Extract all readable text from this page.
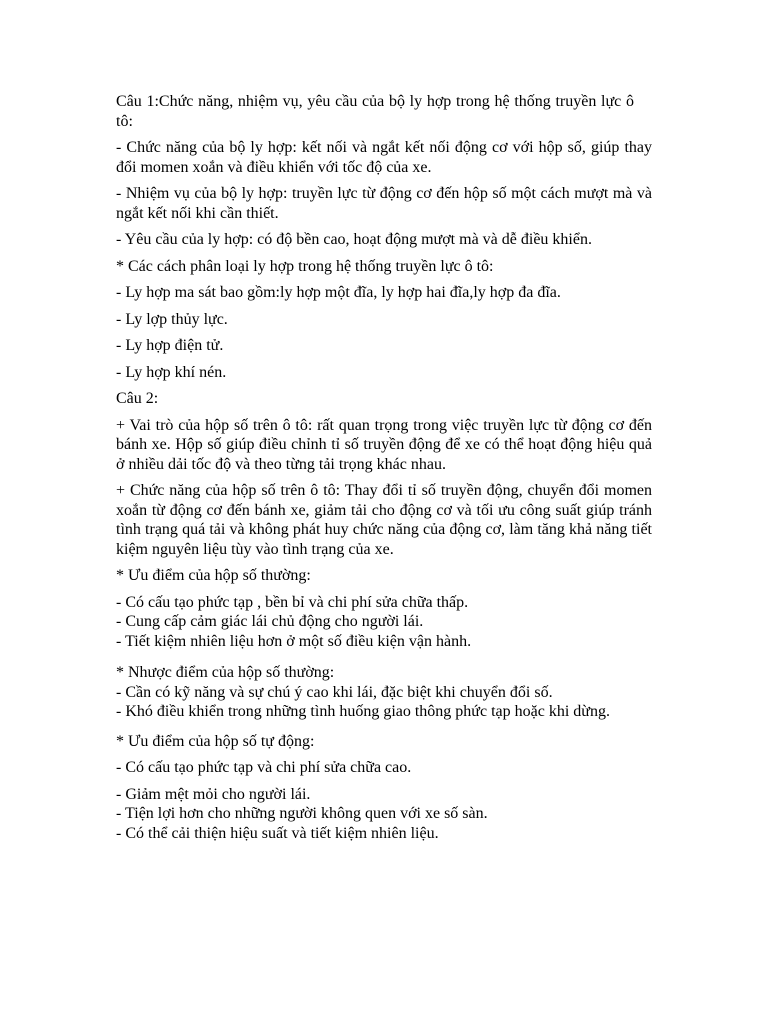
Câu 1:Chức năng, nhiệm vụ, yêu cầu của bộ ly hợp trong hệ thống truyền lực ô tô:

- Chức năng của bộ ly hợp: kết nối và ngắt kết nối động cơ với hộp số, giúp thay đổi momen xoắn và điều khiển với tốc độ của xe.

- Nhiệm vụ của bộ ly hợp: truyền lực từ động cơ đến hộp số một cách mượt mà và ngắt kết nối khi cần thiết.

- Yêu cầu của ly hợp: có độ bền cao, hoạt động mượt mà và dễ điều khiển.

* Các cách phân loại ly hợp trong hệ thống truyền lực ô tô:

- Ly hợp ma sát bao gồm:ly hợp một đĩa, ly hợp hai đĩa,ly hợp đa đĩa.

- Ly lợp thủy lực.

- Ly hợp điện tử.

- Ly hợp khí nén.

Câu 2:

+ Vai trò của hộp số trên ô tô: rất quan trọng trong việc truyền lực từ động cơ đến bánh xe. Hộp số giúp điều chỉnh tỉ số truyền động để xe có thể hoạt động hiệu quả ở nhiều dải tốc độ và theo từng tải trọng khác nhau.

+ Chức năng của hộp số trên ô tô: Thay đổi tỉ số truyền động, chuyển đổi momen xoắn từ động cơ đến bánh xe, giảm tải cho động cơ và tối ưu công suất giúp tránh tình trạng quá tải và không phát huy chức năng của động cơ, làm tăng khả năng tiết kiệm nguyên liệu tùy vào tình trạng của xe.

* Ưu điểm của hộp số thường:

- Có cấu tạo phức tạp , bền bỉ và chi phí sửa chữa thấp.

- Cung cấp cảm giác lái chủ động cho người lái.

- Tiết kiệm nhiên liệu hơn ở một số điều kiện vận hành.

* Nhược điểm của hộp số thường:

- Cần có kỹ năng và sự chú ý cao khi lái, đặc biệt khi chuyển đổi số.

- Khó điều khiển trong những tình huống giao thông phức tạp hoặc khi dừng.

* Ưu điểm của hộp số tự động:

- Có cấu tạo phức tạp và chi phí sửa chữa cao.

- Giảm mệt mỏi cho người lái.

- Tiện lợi hơn cho những người không quen với xe số sàn.

- Có thể cải thiện hiệu suất và tiết kiệm nhiên liệu.
